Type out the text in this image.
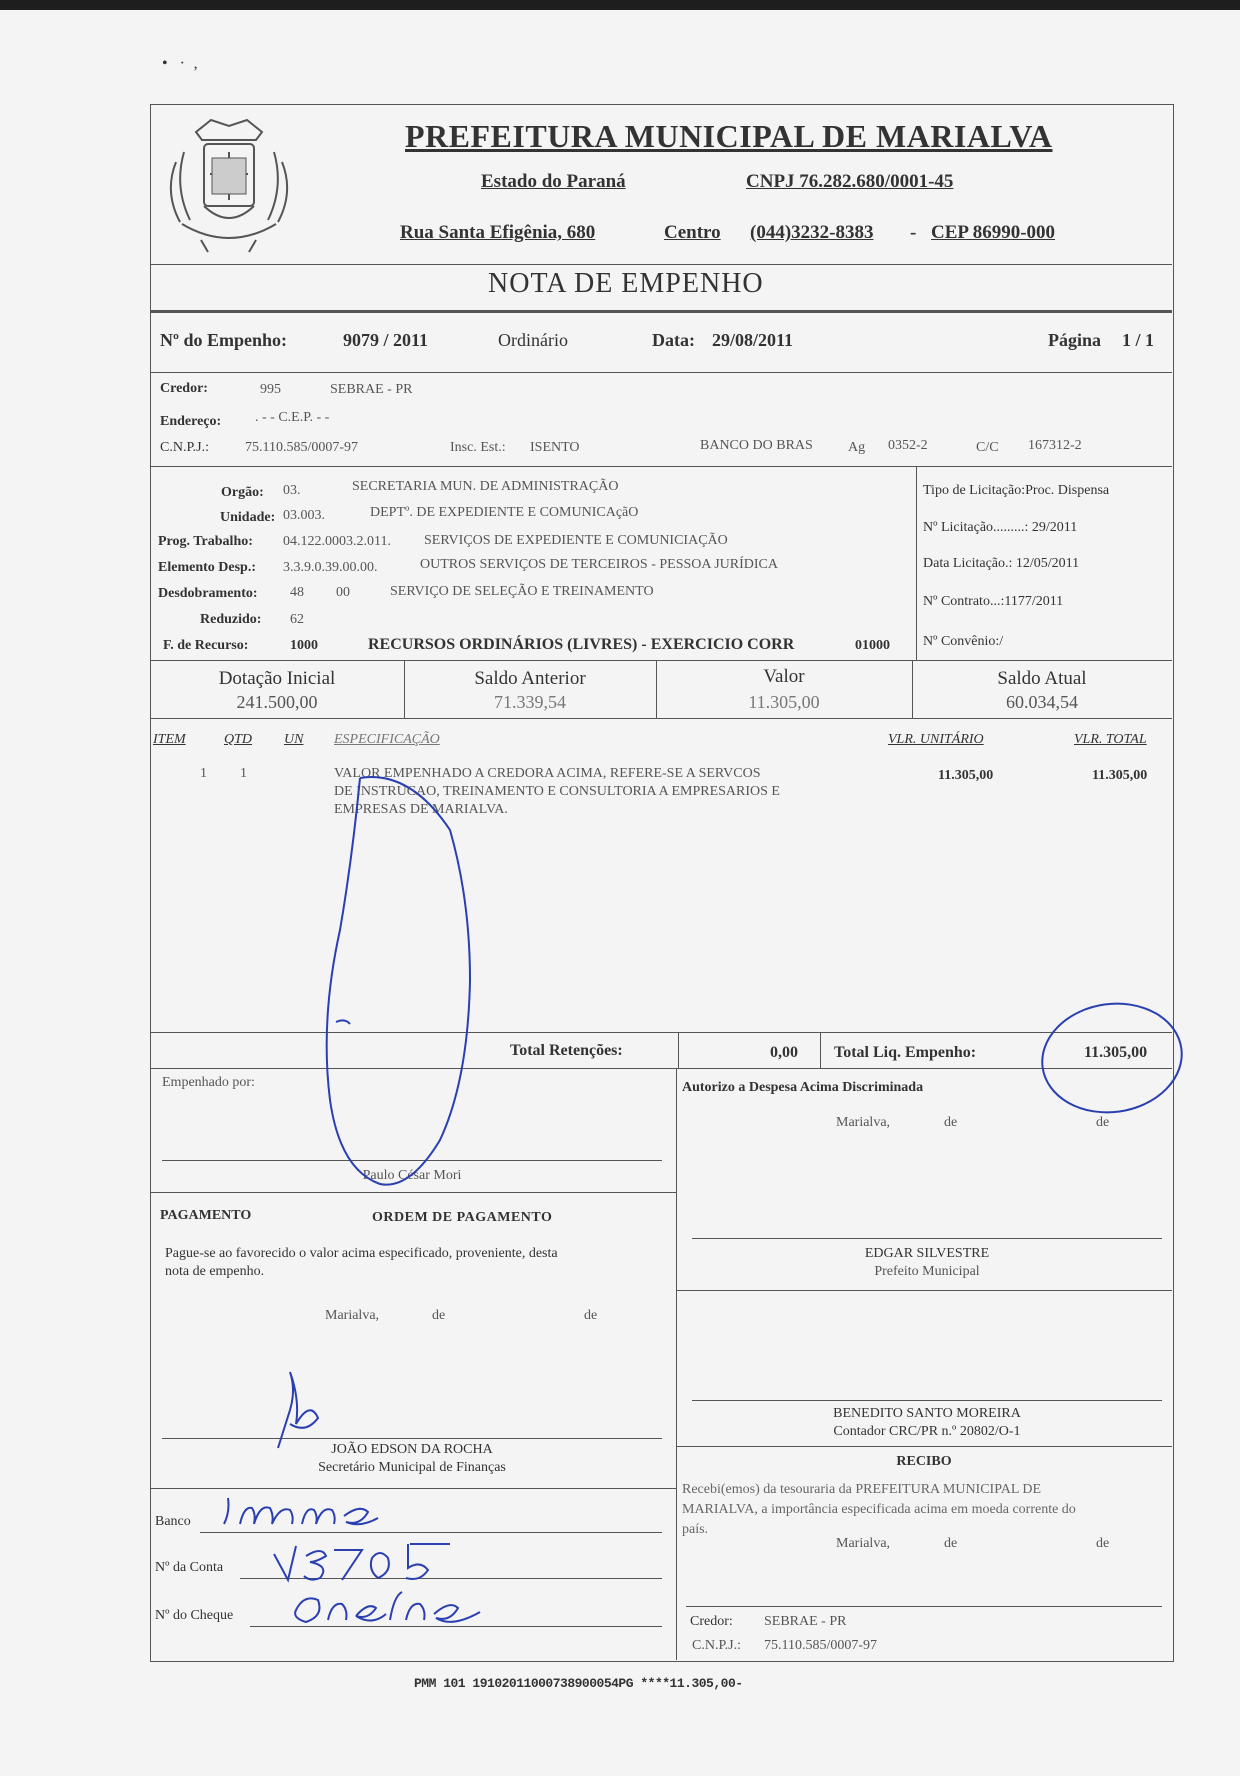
•   ·  ‚
PREFEITURA MUNICIPAL DE MARIALVA
Estado do Paraná	CNPJ 76.282.680/0001-45
Rua Santa Efigênia, 680	Centro (044)3232-8383 - CEP 86990-000
NOTA DE EMPENHO
Nº do Empenho:	9079 / 2011	Ordinário	Data: 29/08/2011	Página 1 / 1
Credor:	995	SEBRAE - PR
Endereço: . - - C.E.P. - -
C.N.P.J.:	75.110.585/0007-97	Insc. Est.: ISENTO	BANCO DO BRAS	Ag 0352-2	C/C 167312-2
Orgão: 03.	SECRETARIA MUN. DE ADMINISTRAÇÃO
Unidade: 03.003.	DEPTº. DE EXPEDIENTE E COMUNICAçãO
Prog. Trabalho: 04.122.0003.2.011. SERVIÇOS DE EXPEDIENTE E COMUNICIAÇÃO
Elemento Desp.: 3.3.9.0.39.00.00.	OUTROS SERVIÇOS DE TERCEIROS - PESSOA JURÍDICA
Desdobramento: 48 00	SERVIÇO DE SELEÇÃO E TREINAMENTO
Reduzido: 62
F. de Recurso:	1000	RECURSOS ORDINÁRIOS (LIVRES) - EXERCICIO CORR	01000
Tipo de Licitação:Proc. Dispensa
Nº Licitação.........: 29/2011
Data Licitação.: 12/05/2011
Nº Contrato...:1177/2011
Nº Convênio:/
Dotação Inicial
241.500,00
Saldo Anterior
71.339,54
Valor
11.305,00
Saldo Atual
60.034,54
ITEM	QTD UN ESPECIFICAÇÃO	VLR. UNITÁRIO	VLR. TOTAL
1 1	VALOR EMPENHADO A CREDORA ACIMA, REFERE-SE A SERVCOS
DE INSTRUCAO, TREINAMENTO E CONSULTORIA A EMPRESARIOS E
EMPRESAS DE MARIALVA.
11.305,00	11.305,00
Total Retenções:	0,00 Total Liq. Empenho:	11.305,00
Empenhado por:
Paulo César Mori
Autorizo a Despesa Acima Discriminada
Marialva,	de	de
EDGAR SILVESTRE
Prefeito Municipal
BENEDITO SANTO MOREIRA
Contador CRC/PR n.º 20802/O-1
PAGAMENTO	ORDEM DE PAGAMENTO
Pague-se ao favorecido o valor acima especificado, proveniente, desta
nota de empenho.
Marialva,	de	de
JOÃO EDSON DA ROCHA
Secretário Municipal de Finanças
Banco
Nº da Conta
Nº do Cheque
RECIBO
Recebi(emos) da tesouraria da PREFEITURA MUNICIPAL DE
MARIALVA, a importância especificada acima em moeda corrente do
país.
Marialva,	de	de
Credor: SEBRAE - PR
C.N.P.J.: 75.110.585/0007-97
PMM 101 19102011000738900054PG ****11.305,00-
